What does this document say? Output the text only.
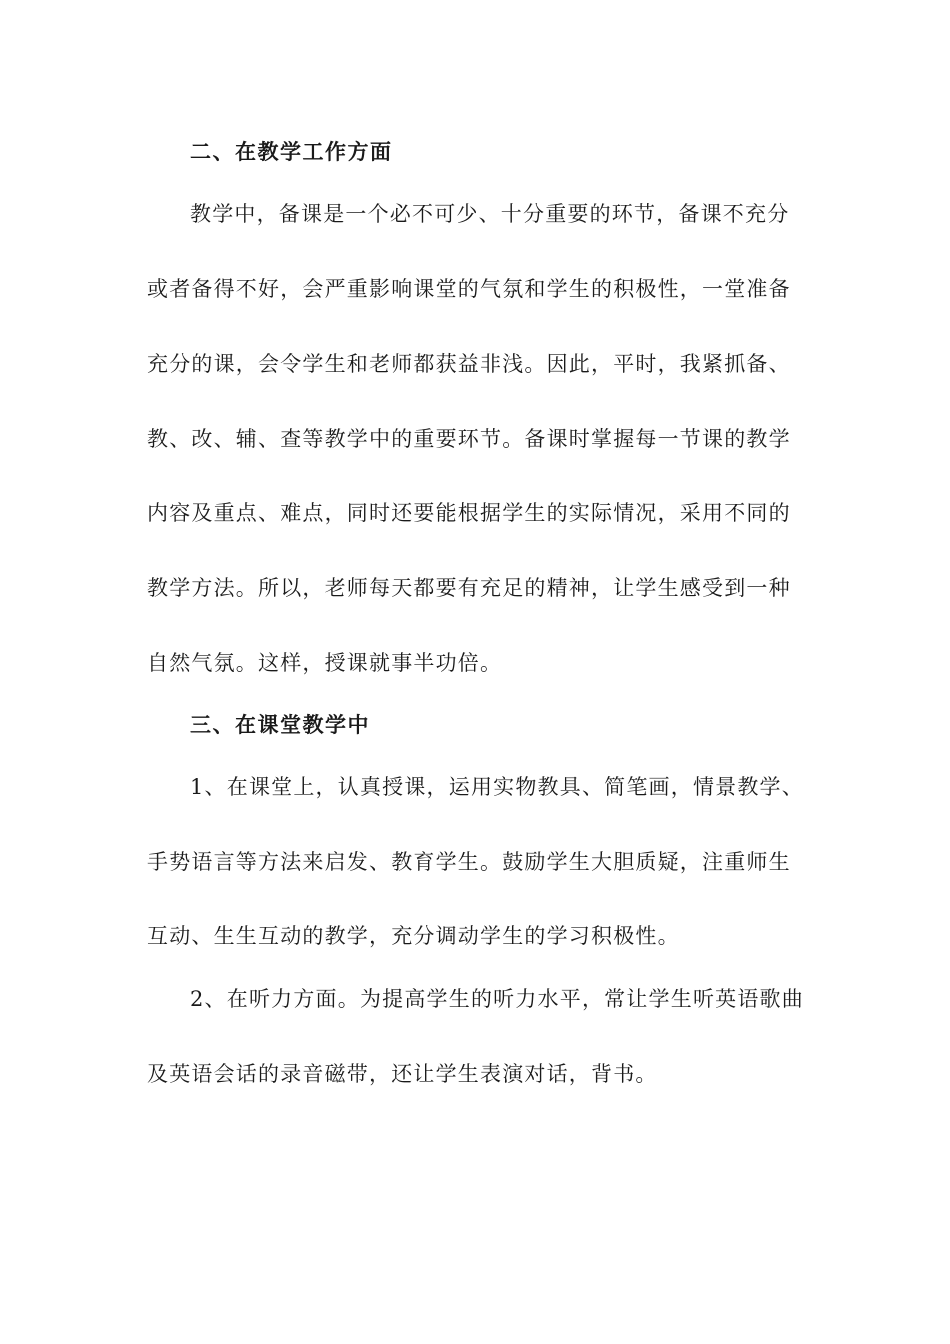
二、在教学工作方面
教学中，备课是一个必不可少、十分重要的环节，备课不充分
或者备得不好，会严重影响课堂的气氛和学生的积极性，一堂准备
充分的课，会令学生和老师都获益非浅。因此，平时，我紧抓备、
教、改、辅、查等教学中的重要环节。备课时掌握每一节课的教学
内容及重点、难点，同时还要能根据学生的实际情况，采用不同的
教学方法。所以，老师每天都要有充足的精神，让学生感受到一种
自然气氛。这样，授课就事半功倍。
三、在课堂教学中
1、在课堂上，认真授课，运用实物教具、简笔画，情景教学、
手势语言等方法来启发、教育学生。鼓励学生大胆质疑，注重师生
互动、生生互动的教学，充分调动学生的学习积极性。
2、在听力方面。为提高学生的听力水平，常让学生听英语歌曲
及英语会话的录音磁带，还让学生表演对话，背书。
